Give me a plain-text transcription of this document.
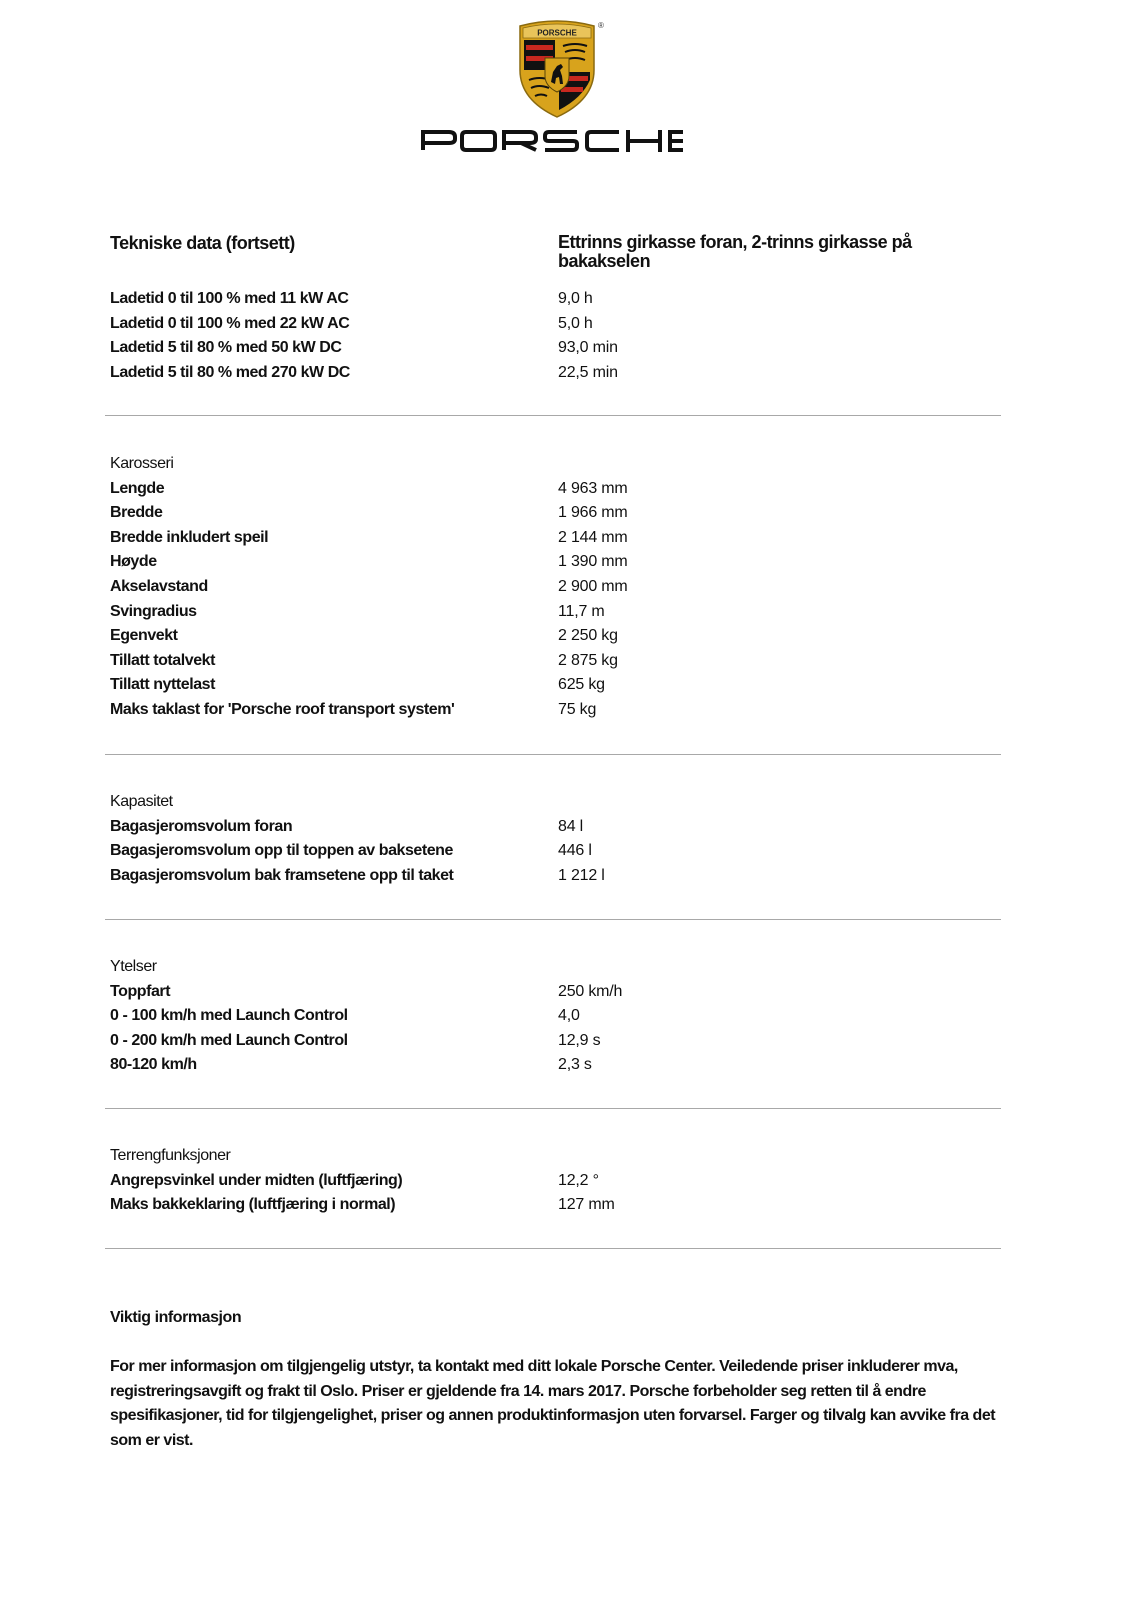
PORSCHE
®
Tekniske data (fortsett)	Ettrinns girkasse foran, 2-trinns girkasse på bakakselen
Ladetid 0 til 100 % med 11 kW AC	9,0 h
Ladetid 0 til 100 % med 22 kW AC	5,0 h
Ladetid 5 til 80 % med 50 kW DC	93,0 min
Ladetid 5 til 80 % med 270 kW DC	22,5 min
Karosseri
Lengde	4 963 mm
Bredde	1 966 mm
Bredde inkludert speil	2 144 mm
Høyde	1 390 mm
Akselavstand	2 900 mm
Svingradius	11,7 m
Egenvekt	2 250 kg
Tillatt totalvekt	2 875 kg
Tillatt nyttelast	625 kg
Maks taklast for 'Porsche roof transport system'	75 kg
Kapasitet
Bagasjeromsvolum foran	84 l
Bagasjeromsvolum opp til toppen av baksetene	446 l
Bagasjeromsvolum bak framsetene opp til taket	1 212 l
Ytelser
Toppfart	250 km/h
0 - 100 km/h med Launch Control	4,0
0 - 200 km/h med Launch Control	12,9 s
80-120 km/h	2,3 s
Terrengfunksjoner
Angrepsvinkel under midten (luftfjæring)	12,2 °
Maks bakkeklaring (luftfjæring i normal)	127 mm
Viktig informasjon
For mer informasjon om tilgjengelig utstyr, ta kontakt med ditt lokale Porsche Center. Veiledende priser inkluderer mva, registreringsavgift og frakt til Oslo. Priser er gjeldende fra 14. mars 2017. Porsche forbeholder seg retten til å endre spesifikasjoner, tid for tilgjengelighet, priser og annen produktinformasjon uten forvarsel. Farger og tilvalg kan avvike fra det som er vist.
